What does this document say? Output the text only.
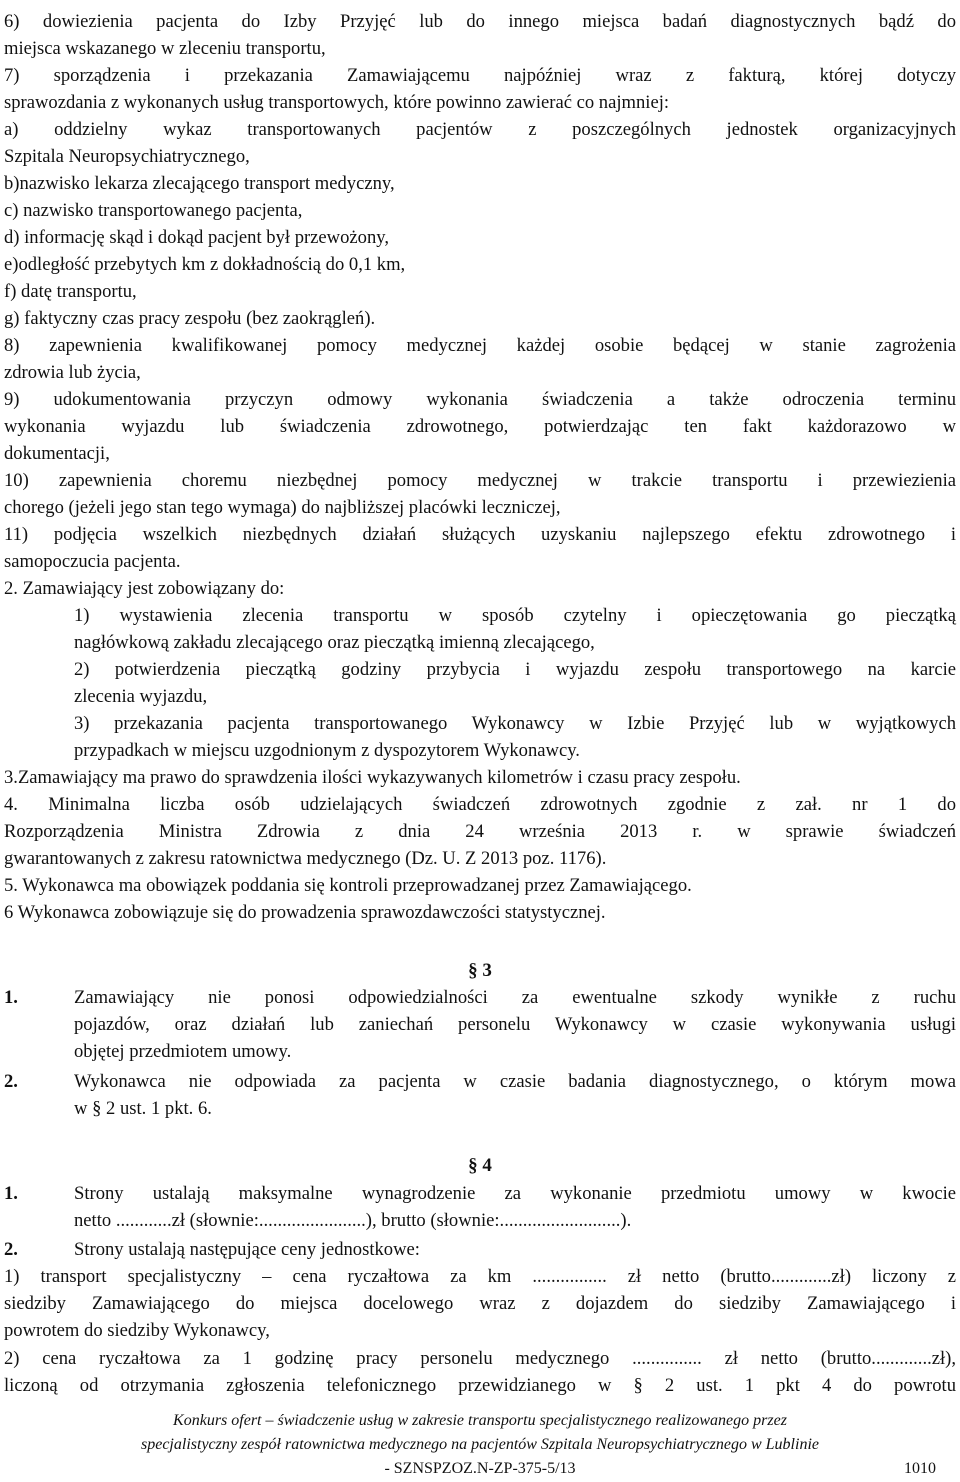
6) dowiezienia pacjenta do Izby Przyjęć lub do innego miejsca badań diagnostycznych bądź do
miejsca wskazanego w zleceniu transportu,
7) sporządzenia i przekazania Zamawiającemu najpóźniej wraz z fakturą, której dotyczy
sprawozdania z wykonanych usług transportowych, które powinno zawierać co najmniej:
a) oddzielny wykaz transportowanych pacjentów z poszczególnych jednostek organizacyjnych
Szpitala Neuropsychiatrycznego,
b)nazwisko lekarza zlecającego transport medyczny,
c) nazwisko transportowanego pacjenta,
d) informację skąd i dokąd pacjent był przewożony,
e)odległość przebytych km z dokładnością do 0,1 km,
f) datę transportu,
g) faktyczny czas pracy zespołu (bez zaokrągleń).
8) zapewnienia kwalifikowanej pomocy medycznej każdej osobie będącej w stanie zagrożenia
zdrowia lub życia,
9) udokumentowania przyczyn odmowy wykonania świadczenia a także odroczenia terminu
wykonania wyjazdu lub świadczenia zdrowotnego, potwierdzając ten fakt każdorazowo w
dokumentacji,
10) zapewnienia choremu niezbędnej pomocy medycznej w trakcie transportu i przewiezienia
chorego (jeżeli jego stan tego wymaga) do najbliższej placówki leczniczej,
11) podjęcia wszelkich niezbędnych działań służących uzyskaniu najlepszego efektu zdrowotnego i
samopoczucia pacjenta.
2. Zamawiający jest zobowiązany do:
1) wystawienia zlecenia transportu w sposób czytelny i opieczętowania go pieczątką
nagłówkową zakładu zlecającego oraz pieczątką imienną zlecającego,
2) potwierdzenia pieczątką godziny przybycia i wyjazdu zespołu transportowego na karcie
zlecenia wyjazdu,
3) przekazania pacjenta transportowanego Wykonawcy w Izbie Przyjęć lub w wyjątkowych
przypadkach w miejscu uzgodnionym z dyspozytorem Wykonawcy.
3.Zamawiający ma prawo do sprawdzenia ilości wykazywanych kilometrów i czasu pracy zespołu.
4. Minimalna liczba osób udzielających świadczeń zdrowotnych zgodnie z zał. nr 1 do
Rozporządzenia Ministra Zdrowia z dnia 24 września 2013 r. w sprawie świadczeń
gwarantowanych z zakresu ratownictwa medycznego (Dz. U. Z 2013 poz. 1176).
5. Wykonawca ma obowiązek poddania się kontroli przeprowadzanej przez Zamawiającego.
6 Wykonawca zobowiązuje się do prowadzenia sprawozdawczości statystycznej.
§ 3
1.	Zamawiający nie ponosi odpowiedzialności za ewentualne szkody wynikłe z ruchu
pojazdów, oraz działań lub zaniechań personelu Wykonawcy w czasie wykonywania usługi
objętej przedmiotem umowy.
2.	Wykonawca nie odpowiada za pacjenta w czasie badania diagnostycznego, o którym mowa
w § 2 ust. 1 pkt. 6.
§ 4
1.	Strony ustalają maksymalne wynagrodzenie za wykonanie przedmiotu umowy w kwocie
netto ............zł (słownie:.......................), brutto (słownie:..........................).
2.	Strony ustalają następujące ceny jednostkowe:
1) transport specjalistyczny – cena ryczałtowa za km ................ zł netto (brutto.............zł) liczony z
siedziby Zamawiającego do miejsca docelowego wraz z dojazdem do siedziby Zamawiającego i
powrotem do siedziby Wykonawcy,
2) cena ryczałtowa za 1 godzinę pracy personelu medycznego ............... zł netto (brutto.............zł),
liczoną od otrzymania zgłoszenia telefonicznego przewidzianego w § 2 ust. 1 pkt 4 do powrotu
Konkurs ofert – świadczenie usług w zakresie transportu specjalistycznego realizowanego przez
specjalistyczny zespół ratownictwa medycznego na pacjentów Szpitala Neuropsychiatrycznego w Lublinie
- SZNSPZOZ.N-ZP-375-5/13	1010
